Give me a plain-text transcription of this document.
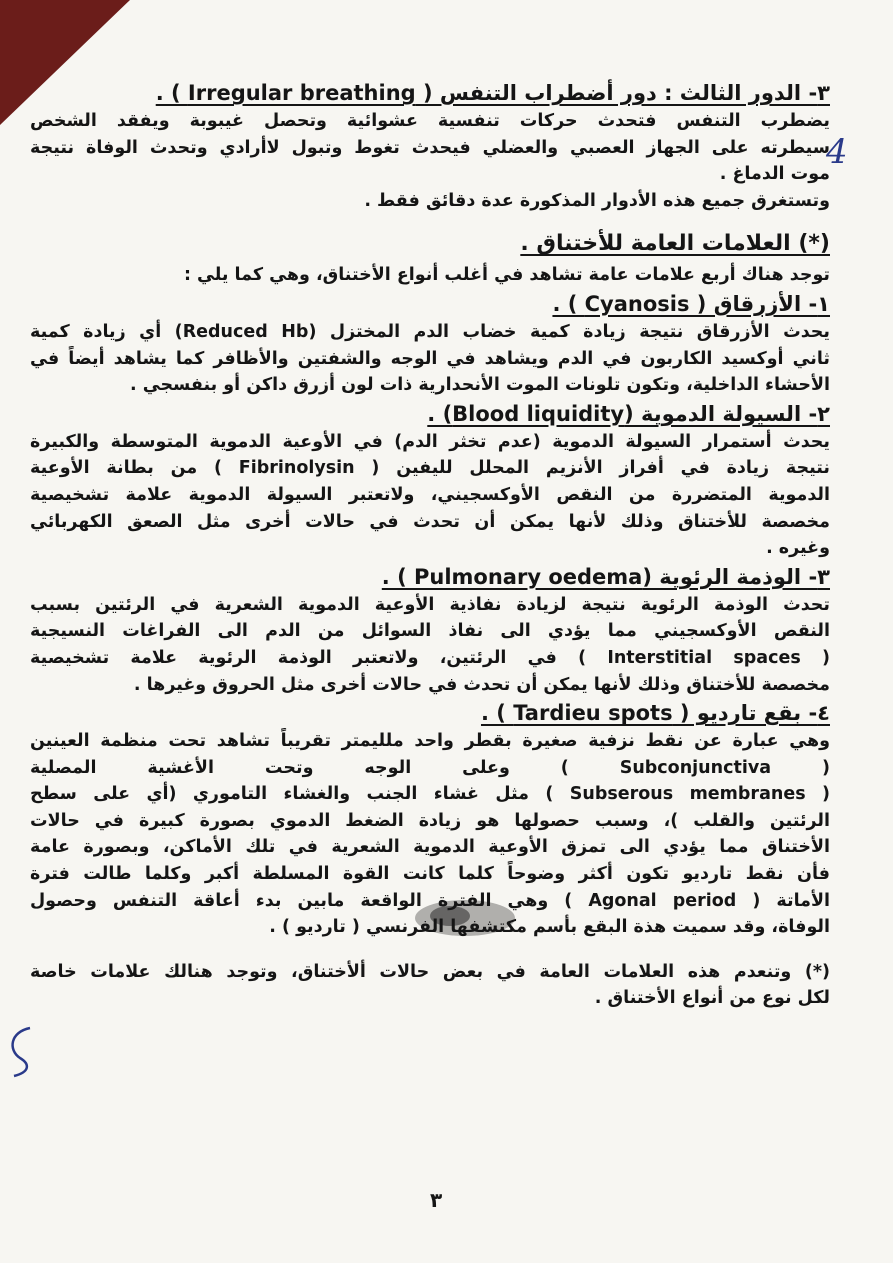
4
٣- الدور الثالث : دور أضطراب التنفس ( Irregular breathing ) .
يضطرب التنفس فتحدث حركات تنفسية عشوائية وتحصل غيبوبة ويفقد الشخص
سيطرته على الجهاز العصبي والعضلي فيحدث تغوط وتبول لاأرادي وتحدث الوفاة نتيجة
موت الدماغ .
وتستغرق جميع هذه الأدوار المذكورة عدة دقائق فقط .
(*) العلامات العامة للأختناق .
توجد هناك أربع علامات عامة تشاهد في أغلب أنواع الأختناق، وهي كما يلي :
١- الأزرقاق ( Cyanosis ) .
يحدث الأزرقاق نتيجة زيادة كمية خضاب الدم المختزل (Reduced Hb) أي زيادة كمية
ثاني أوكسيد الكاربون في الدم ويشاهد في الوجه والشفتين والأظافر كما يشاهد أيضاً في
الأحشاء الداخلية، وتكون تلونات الموت الأنحدارية ذات لون أزرق داكن أو بنفسجي .
٢- السيولة الدموية (Blood liquidity) .
يحدث أستمرار السيولة الدموية (عدم تخثر الدم) في الأوعية الدموية المتوسطة والكبيرة
نتيجة زيادة في أفراز الأنزيم المحلل لليفين ( Fibrinolysin ) من بطانة الأوعية
الدموية المتضررة من النقص الأوكسجيني، ولاتعتبر السيولة الدموية علامة تشخيصية
مخصصة للأختناق وذلك لأنها يمكن أن تحدث في حالات أخرى مثل الصعق الكهربائي
وغيره .
٣- الوذمة الرئوية (Pulmonary oedema ) .
تحدث الوذمة الرئوية نتيجة لزيادة نفاذية الأوعية الدموية الشعرية في الرئتين بسبب
النقص الأوكسجيني مما يؤدي الى نفاذ السوائل من الدم الى الفراغات النسيجية
( Interstitial spaces ) في الرئتين، ولاتعتبر الوذمة الرئوية علامة تشخيصية
مخصصة للأختناق وذلك لأنها يمكن أن تحدث في حالات أخرى مثل الحروق وغيرها .
٤- بقع تارديو ( Tardieu spots ) .
وهي عبارة عن نقط نزفية صغيرة بقطر واحد ملليمتر تقريباً تشاهد تحت منظمة العينين
( Subconjunctiva ) وعلى الوجه وتحت الأغشية المصلية
( Subserous membranes ) مثل غشاء الجنب والغشاء التاموري (أي على سطح
الرئتين والقلب )، وسبب حصولها هو زيادة الضغط الدموي بصورة كبيرة في حالات
الأختناق مما يؤدي الى تمزق الأوعية الدموية الشعرية في تلك الأماكن، وبصورة عامة
فأن نقط تارديو تكون أكثر وضوحاً كلما كانت القوة المسلطة أكبر وكلما طالت فترة
الأماتة ( Agonal period ) وهي الفترة الواقعة مابين بدء أعاقة التنفس وحصول
الوفاة، وقد سميت هذة البقع بأسم مكتشفها الفرنسي ( تارديو ) .
(*) وتنعدم هذه العلامات العامة في بعض حالات ألأختناق، وتوجد هنالك علامات خاصة
لكل نوع من أنواع الأختناق .
٣
